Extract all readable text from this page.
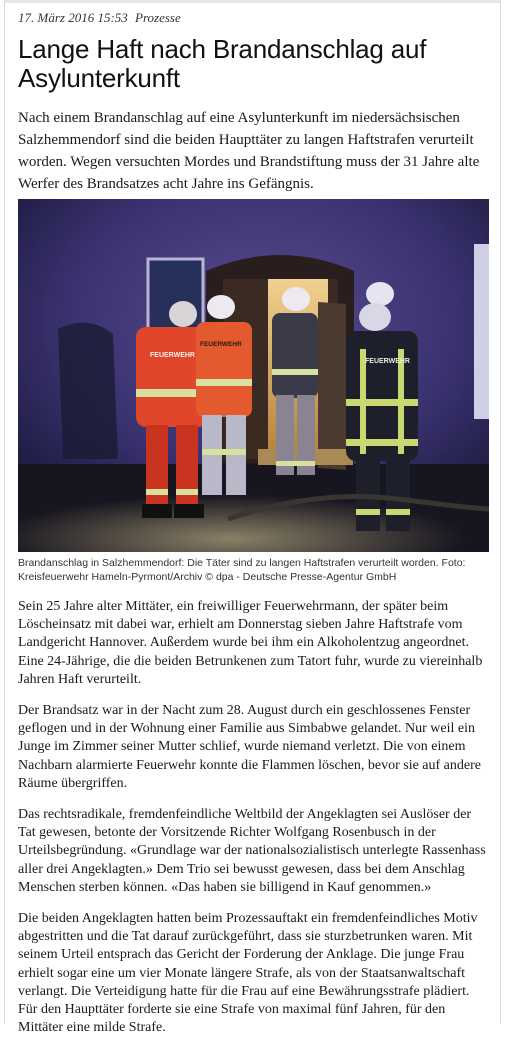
17. März 2016 15:53 Prozesse

Lange Haft nach Brandanschlag auf Asylunterkunft

Nach einem Brandanschlag auf eine Asylunterkunft im niedersächsischen Salzhemmendorf sind die beiden Haupttäter zu langen Haftstrafen verurteilt worden. Wegen versuchten Mordes und Brandstiftung muss der 31 Jahre alte Werfer des Brandsatzes acht Jahre ins Gefängnis.

FEUERWEHR
FEUERWEHR
FEUERWEHR

Brandanschlag in Salzhemmendorf: Die Täter sind zu langen Haftstrafen verurteilt worden. Foto: Kreisfeuerwehr Hameln-Pyrmont/Archiv © dpa - Deutsche Presse-Agentur GmbH

Sein 25 Jahre alter Mittäter, ein freiwilliger Feuerwehrmann, der später beim Löscheinsatz mit dabei war, erhielt am Donnerstag sieben Jahre Haftstrafe vom Landgericht Hannover. Außerdem wurde bei ihm ein Alkoholentzug angeordnet. Eine 24-Jährige, die die beiden Betrunkenen zum Tatort fuhr, wurde zu viereinhalb Jahren Haft verurteilt.

Der Brandsatz war in der Nacht zum 28. August durch ein geschlossenes Fenster geflogen und in der Wohnung einer Familie aus Simbabwe gelandet. Nur weil ein Junge im Zimmer seiner Mutter schlief, wurde niemand verletzt. Die von einem Nachbarn alarmierte Feuerwehr konnte die Flammen löschen, bevor sie auf andere Räume übergriffen.

Das rechtsradikale, fremdenfeindliche Weltbild der Angeklagten sei Auslöser der Tat gewesen, betonte der Vorsitzende Richter Wolfgang Rosenbusch in der Urteilsbegründung. «Grundlage war der nationalsozialistisch unterlegte Rassenhass aller drei Angeklagten.» Dem Trio sei bewusst gewesen, dass bei dem Anschlag Menschen sterben können. «Das haben sie billigend in Kauf genommen.»

Die beiden Angeklagten hatten beim Prozessauftakt ein fremdenfeindliches Motiv abgestritten und die Tat darauf zurückgeführt, dass sie sturzbetrunken waren. Mit seinem Urteil entsprach das Gericht der Forderung der Anklage. Die junge Frau erhielt sogar eine um vier Monate längere Strafe, als von der Staatsanwaltschaft verlangt. Die Verteidigung hatte für die Frau auf eine Bewährungsstrafe plädiert. Für den Haupttäter forderte sie eine Strafe von maximal fünf Jahren, für den Mittäter eine milde Strafe.
